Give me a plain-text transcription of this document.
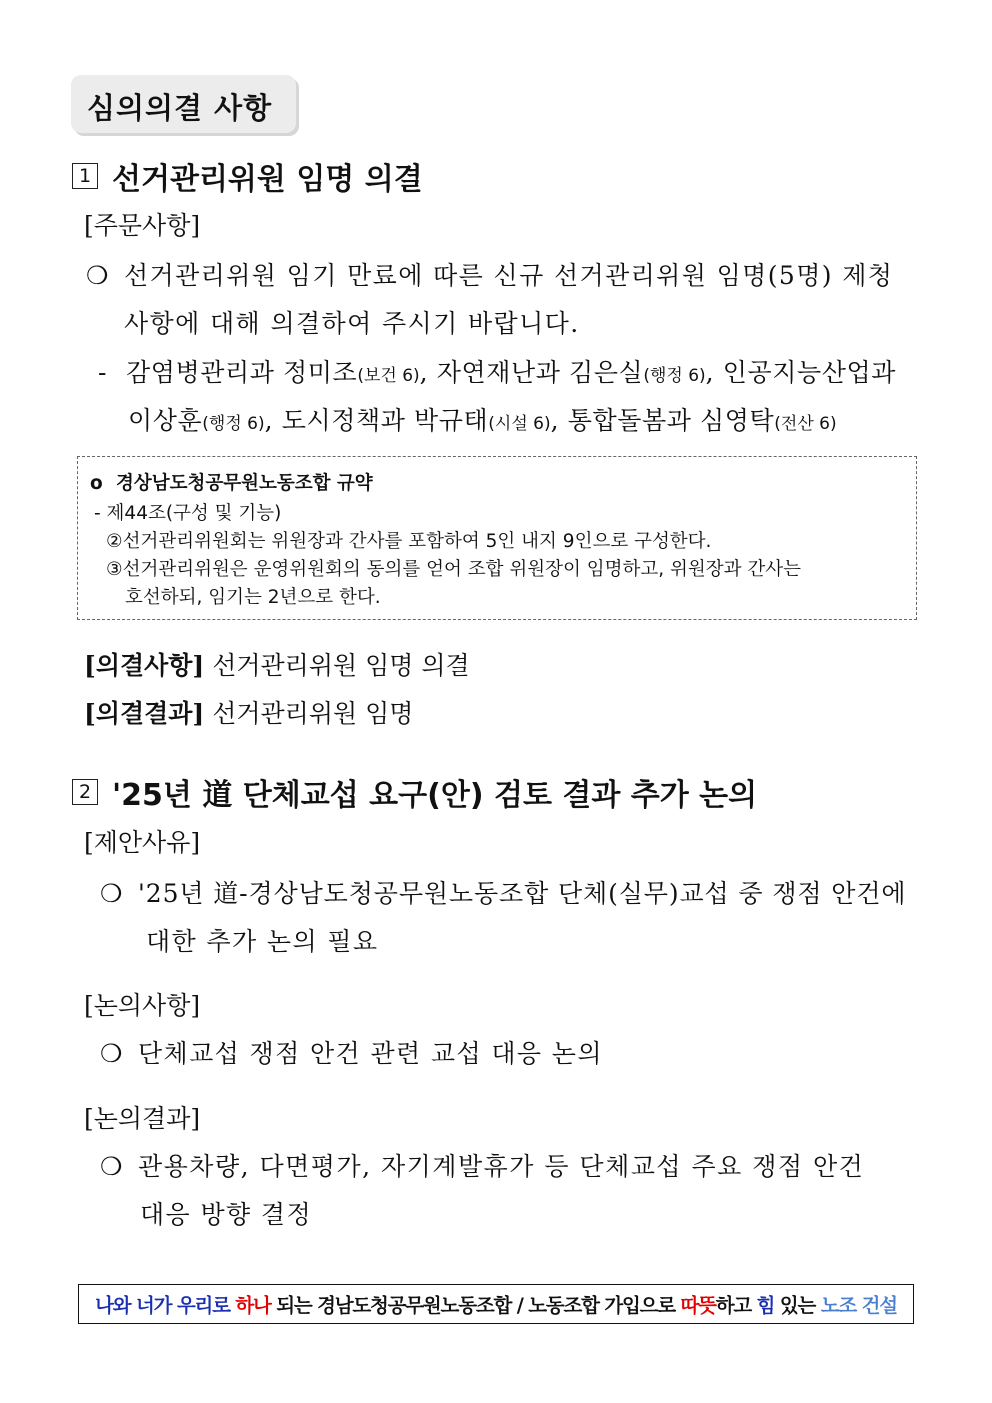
심의의결 사항
1 선거관리위원 임명 의결
[주문사항]
❍ 선거관리위원 임기 만료에 따른 신규 선거관리위원 임명(5명) 제청
사항에 대해 의결하여 주시기 바랍니다.
- 감염병관리과 정미조(보건 6), 자연재난과 김은실(행정 6), 인공지능산업과
이상훈(행정 6), 도시정책과 박규태(시설 6), 통합돌봄과 심영탁(전산 6)
o 경상남도청공무원노동조합 규약
- 제44조(구성 및 기능)
②선거관리위원회는 위원장과 간사를 포함하여 5인 내지 9인으로 구성한다.
③선거관리위원은 운영위원회의 동의를 얻어 조합 위원장이 임명하고, 위원장과 간사는
호선하되, 임기는 2년으로 한다.
[의결사항] 선거관리위원 임명 의결
[의결결과] 선거관리위원 임명
2 '25년 道 단체교섭 요구(안) 검토 결과 추가 논의
[제안사유]
❍ '25년 道-경상남도청공무원노동조합 단체(실무)교섭 중 쟁점 안건에
대한 추가 논의 필요
[논의사항]
❍ 단체교섭 쟁점 안건 관련 교섭 대응 논의
[논의결과]
❍ 관용차량, 다면평가, 자기계발휴가 등 단체교섭 주요 쟁점 안건
대응 방향 결정
나와 너가 우리로 하나 되는 경남도청공무원노동조합 / 노동조합 가입으로 따뜻 하고 힘 있는 노조 건설
